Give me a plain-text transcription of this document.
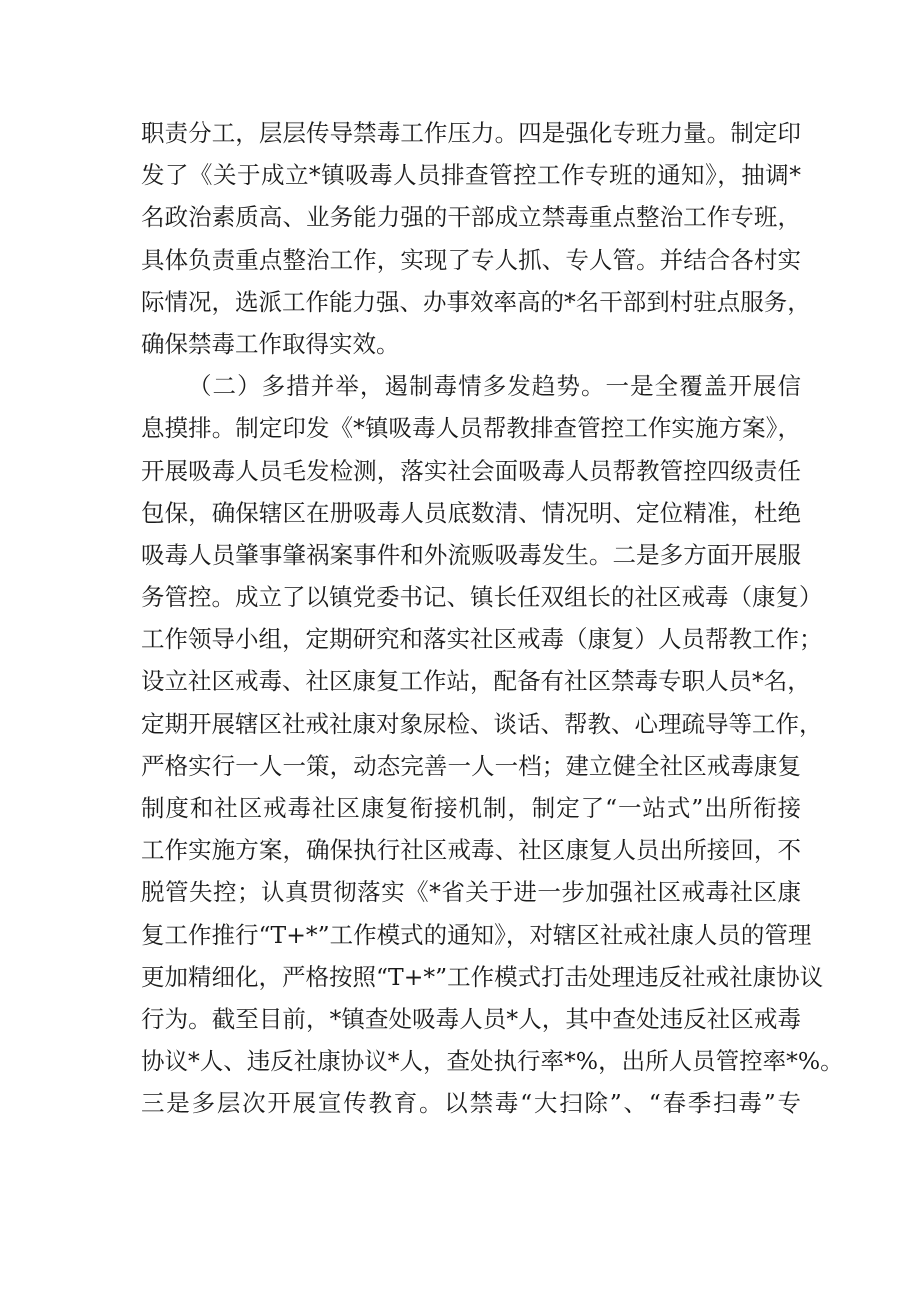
职责分工，层层传导禁毒工作压力。四是强化专班力量。制定印
发了《关于成立*镇吸毒人员排查管控工作专班的通知》，抽调*
名政治素质高、业务能力强的干部成立禁毒重点整治工作专班，
具体负责重点整治工作，实现了专人抓、专人管。并结合各村实
际情况，选派工作能力强、办事效率高的*名干部到村驻点服务，
确保禁毒工作取得实效。
（二）多措并举，遏制毒情多发趋势。一是全覆盖开展信
息摸排。制定印发《*镇吸毒人员帮教排查管控工作实施方案》，
开展吸毒人员毛发检测，落实社会面吸毒人员帮教管控四级责任
包保，确保辖区在册吸毒人员底数清、情况明、定位精准，杜绝
吸毒人员肇事肇祸案事件和外流贩吸毒发生。二是多方面开展服
务管控。成立了以镇党委书记、镇长任双组长的社区戒毒（康复）
工作领导小组，定期研究和落实社区戒毒（康复）人员帮教工作；
设立社区戒毒、社区康复工作站，配备有社区禁毒专职人员*名，
定期开展辖区社戒社康对象尿检、谈话、帮教、心理疏导等工作，
严格实行一人一策，动态完善一人一档；建立健全社区戒毒康复
制度和社区戒毒社区康复衔接机制，制定了“一站式”出所衔接
工作实施方案，确保执行社区戒毒、社区康复人员出所接回，不
脱管失控；认真贯彻落实《*省关于进一步加强社区戒毒社区康
复工作推行“T+*”工作模式的通知》，对辖区社戒社康人员的管理
更加精细化，严格按照“T+*”工作模式打击处理违反社戒社康协议
行为。截至目前，*镇查处吸毒人员*人，其中查处违反社区戒毒
协议*人、违反社康协议*人，查处执行率*%，出所人员管控率*%。
三是多层次开展宣传教育。以禁毒“大扫除”、“春季扫毒”专
